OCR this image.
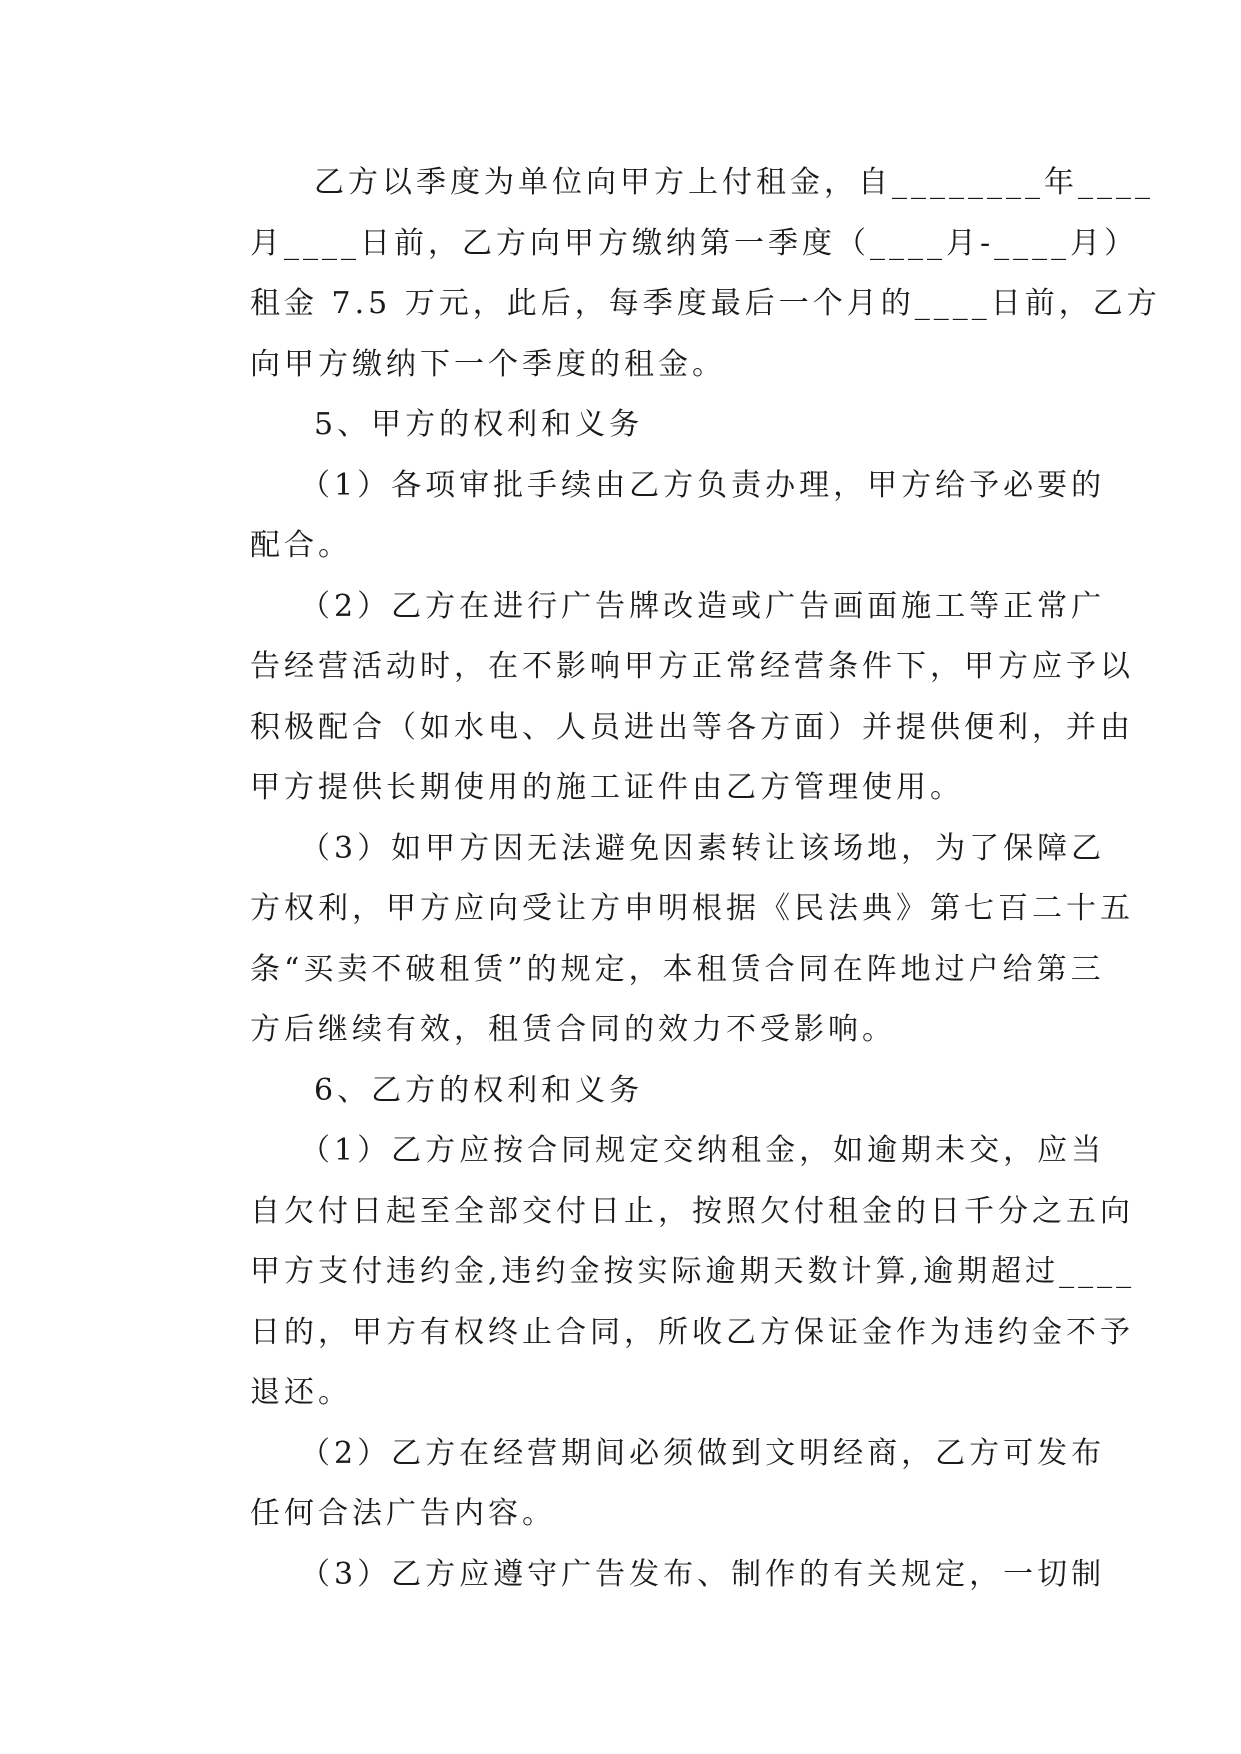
乙方以季度为单位向甲方上付租金，自________年____
月____日前，乙方向甲方缴纳第一季度（____月-____月）
租金 7.5 万元，此后，每季度最后一个月的____日前，乙方
向甲方缴纳下一个季度的租金。
5、甲方的权利和义务
（1）各项审批手续由乙方负责办理，甲方给予必要的
配合。
（2）乙方在进行广告牌改造或广告画面施工等正常广
告经营活动时，在不影响甲方正常经营条件下，甲方应予以
积极配合（如水电、人员进出等各方面）并提供便利，并由
甲方提供长期使用的施工证件由乙方管理使用。
（3）如甲方因无法避免因素转让该场地，为了保障乙
方权利，甲方应向受让方申明根据《民法典》第七百二十五
条“买卖不破租赁”的规定，本租赁合同在阵地过户给第三
方后继续有效，租赁合同的效力不受影响。
6、乙方的权利和义务
（1）乙方应按合同规定交纳租金，如逾期未交，应当
自欠付日起至全部交付日止，按照欠付租金的日千分之五向
甲方支付违约金,违约金按实际逾期天数计算,逾期超过____
日的，甲方有权终止合同，所收乙方保证金作为违约金不予
退还。
（2）乙方在经营期间必须做到文明经商，乙方可发布
任何合法广告内容。
（3）乙方应遵守广告发布、制作的有关规定，一切制
